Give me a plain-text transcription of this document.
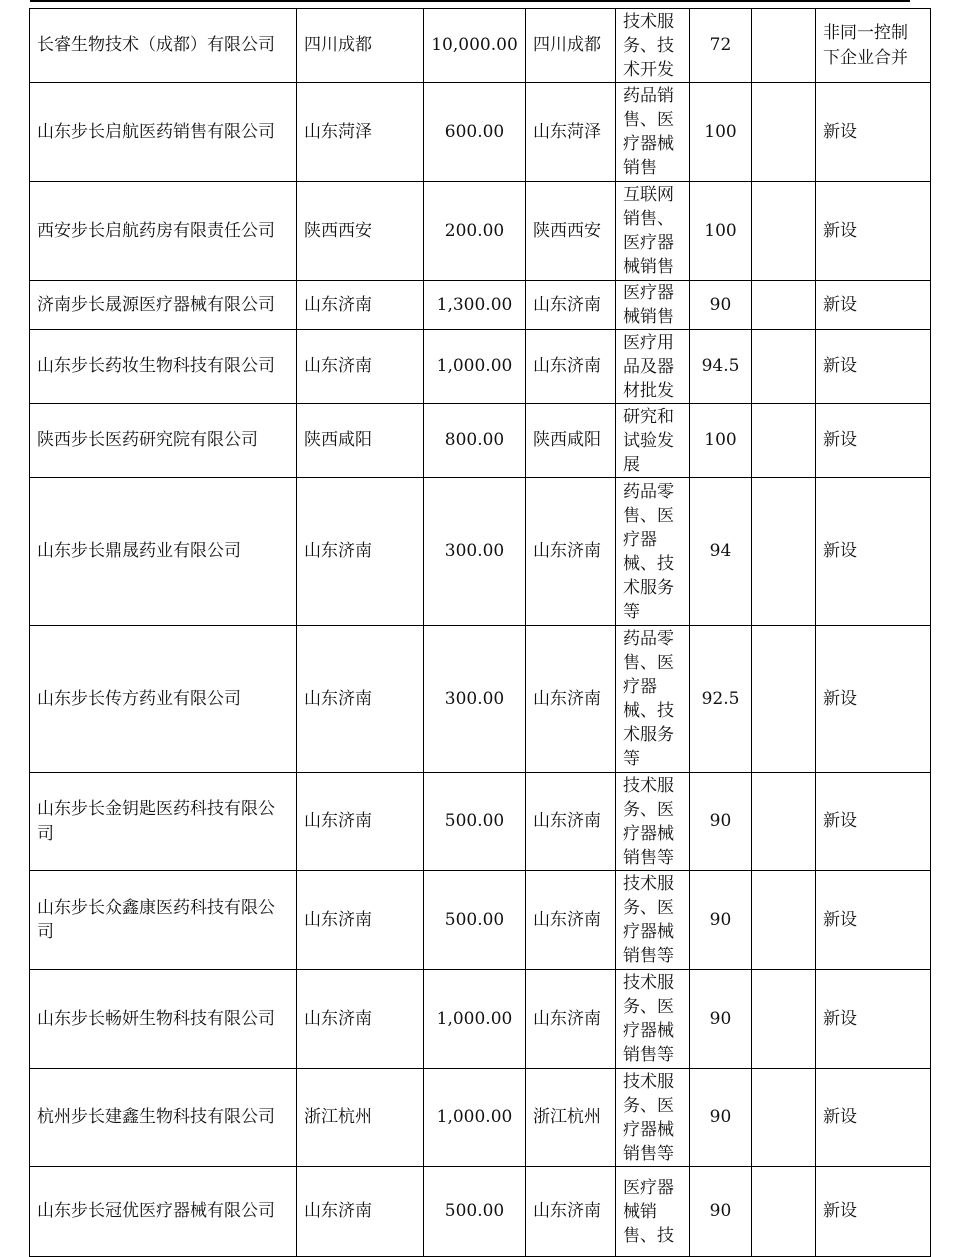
长睿生物技术（成都）有限公司	四川成都	10,000.00	四川成都	技术服务、技术开发	72		非同一控制下企业合并
山东步长启航医药销售有限公司	山东菏泽	600.00	山东菏泽	药品销售、医疗器械销售	100		新设
西安步长启航药房有限责任公司	陕西西安	200.00	陕西西安	互联网销售、医疗器械销售	100		新设
济南步长晟源医疗器械有限公司	山东济南	1,300.00	山东济南	医疗器械销售	90		新设
山东步长药妆生物科技有限公司	山东济南	1,000.00	山东济南	医疗用品及器材批发	94.5		新设
陕西步长医药研究院有限公司	陕西咸阳	800.00	陕西咸阳	研究和试验发展	100		新设
山东步长鼎晟药业有限公司	山东济南	300.00	山东济南	药品零售、医疗器械、技术服务等	94		新设
山东步长传方药业有限公司	山东济南	300.00	山东济南	药品零售、医疗器械、技术服务等	92.5		新设
山东步长金钥匙医药科技有限公司	山东济南	500.00	山东济南	技术服务、医疗器械销售等	90		新设
山东步长众鑫康医药科技有限公司	山东济南	500.00	山东济南	技术服务、医疗器械销售等	90		新设
山东步长畅妍生物科技有限公司	山东济南	1,000.00	山东济南	技术服务、医疗器械销售等	90		新设
杭州步长建鑫生物科技有限公司	浙江杭州	1,000.00	浙江杭州	技术服务、医疗器械销售等	90		新设
山东步长冠优医疗器械有限公司	山东济南	500.00	山东济南	医疗器械销售、技	90		新设
